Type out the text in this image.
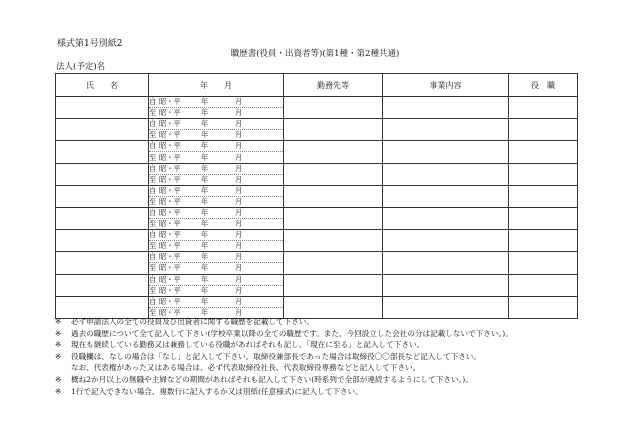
様式第1号別紙2
職歴書(役員・出資者等)(第1種・第2種共通)
法人(予定)名
氏　　名	年　　月	勤務先等	事業内容	役　職

	自 昭・平 年 月			

	至 昭・平 年 月			

	自 昭・平 年 月			

	至 昭・平 年 月			

	自 昭・平 年 月			

	至 昭・平 年 月			

	自 昭・平 年 月			

	至 昭・平 年 月			

	自 昭・平 年 月			

	至 昭・平 年 月			

	自 昭・平 年 月			

	至 昭・平 年 月			

	自 昭・平 年 月			

	至 昭・平 年 月			

	自 昭・平 年 月			

	至 昭・平 年 月			

	自 昭・平 年 月			

	至 昭・平 年 月			

	自 昭・平 年 月			

	至 昭・平 年 月			
※	必ず申請法人の全ての役員及び出資者に関する職歴を記載して下さい。
※	過去の職歴について全て記入して下さい(学校卒業以降の全ての職歴です。また、今回設立した会社の分は記載しないで下さい。)。
※	現在も継続している勤務又は兼務している役職があればそれも記し、「現在に至る」と記入して下さい。
※	役職欄は、なしの場合は「なし」と記入して下さい。取締役兼部長であった場合は取締役〇〇部長など記入して下さい。
なお、代表権があった又はある場合は、必ず代表取締役社長、代表取締役専務などと記入して下さい。
※	概ね2か月以上の無職や主婦などの期間があればそれも記入して下さい(時系列で全部が連続するようにして下さい。)。
※	1行で記入できない場合、複数行に記入するか又は別紙(任意様式)に記入して下さい。
